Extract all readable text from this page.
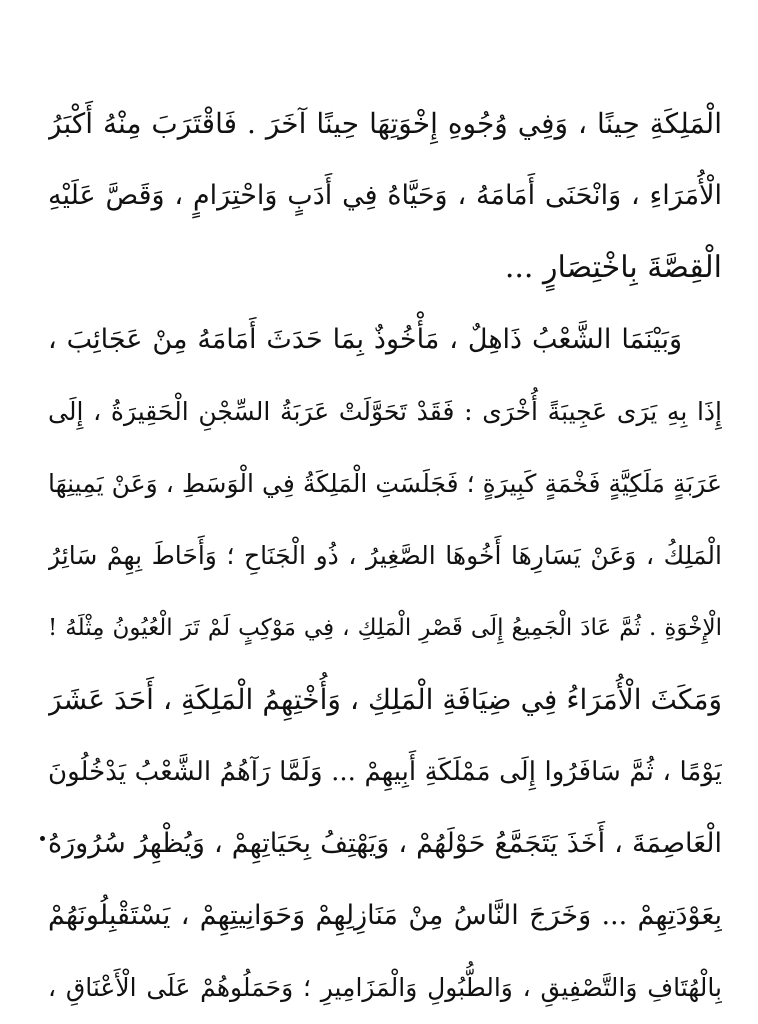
الْمَلِكَةِ حِينًا ، وَفِي وُجُوهِ إِخْوَتِهَا حِينًا آخَرَ . فَاقْتَرَبَ مِنْهُ أَكْبَرُ
الْأُمَرَاءِ ، وَانْحَنَى أَمَامَهُ ، وَحَيَّاهُ فِي أَدَبٍ وَاحْتِرَامٍ ، وَقَصَّ عَلَيْهِ
الْقِصَّةَ بِاخْتِصَارٍ ...
وَبَيْنَمَا الشَّعْبُ ذَاهِلٌ ، مَأْخُوذٌ بِمَا حَدَثَ أَمَامَهُ مِنْ عَجَائِبَ ،
إِذَا بِهِ يَرَى عَجِيبَةً أُخْرَى : فَقَدْ تَحَوَّلَتْ عَرَبَةُ السِّجْنِ الْحَقِيرَةُ ، إِلَى
عَرَبَةٍ مَلَكِيَّةٍ فَخْمَةٍ كَبِيرَةٍ ؛ فَجَلَسَتِ الْمَلِكَةُ فِي الْوَسَطِ ، وَعَنْ يَمِينِهَا
الْمَلِكُ ، وَعَنْ يَسَارِهَا أَخُوهَا الصَّغِيرُ ، ذُو الْجَنَاحِ ؛ وَأَحَاطَ بِهِمْ سَائِرُ
الْإِخْوَةِ . ثُمَّ عَادَ الْجَمِيعُ إِلَى قَصْرِ الْمَلِكِ ، فِي مَوْكِبٍ لَمْ تَرَ الْعُيُونُ مِثْلَهُ !
وَمَكَثَ الْأُمَرَاءُ فِي ضِيَافَةِ الْمَلِكِ ، وَأُخْتِهِمُ الْمَلِكَةِ ، أَحَدَ عَشَرَ
يَوْمًا ، ثُمَّ سَافَرُوا إِلَى مَمْلَكَةِ أَبِيهِمْ ... وَلَمَّا رَآهُمُ الشَّعْبُ يَدْخُلُونَ
الْعَاصِمَةَ ، أَخَذَ يَتَجَمَّعُ حَوْلَهُمْ ، وَيَهْتِفُ بِحَيَاتِهِمْ ، وَيُظْهِرُ سُرُورَهُ
بِعَوْدَتِهِمْ ... وَخَرَجَ النَّاسُ مِنْ مَنَازِلِهِمْ وَحَوَانِيتِهِمْ ، يَسْتَقْبِلُونَهُمْ
بِالْهُتَافِ وَالتَّصْفِيقِ ، وَالطُّبُولِ وَالْمَزَامِيرِ ؛ وَحَمَلُوهُمْ عَلَى الْأَعْنَاقِ ،
